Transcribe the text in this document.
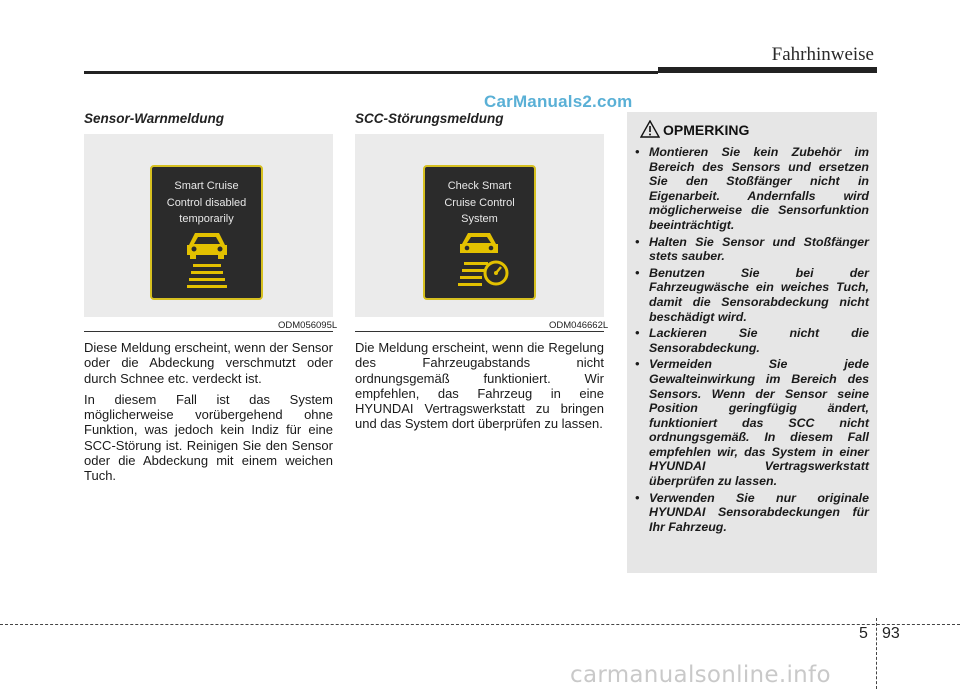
Fahrhinweise
CarManuals2.com
Sensor-Warnmeldung
Smart Cruise
Control disabled
temporarily
ODM056095L

Diese Meldung erscheint, wenn der Sensor oder die Abdeckung verschmutzt oder durch Schnee etc. verdeckt ist.

In diesem Fall ist das System möglicherweise vorübergehend ohne Funktion, was jedoch kein Indiz für eine SCC-Störung ist. Reinigen Sie den Sensor oder die Abdeckung mit einem weichen Tuch.

SCC-Störungsmeldung
Check Smart
Cruise Control
System
ODM046662L

Die Meldung erscheint, wenn die Regelung des Fahrzeugabstands nicht ordnungsgemäß funktioniert. Wir empfehlen, das Fahrzeug in eine HYUNDAI Vertragswerkstatt zu bringen und das System dort überprüfen zu lassen.

OPMERKING
• Montieren Sie kein Zubehör im Bereich des Sensors und ersetzen Sie den Stoßfänger nicht in Eigenarbeit. Andernfalls wird möglicherweise die Sensorfunktion beeinträchtigt.
• Halten Sie Sensor und Stoßfänger stets sauber.
• Benutzen Sie bei der Fahrzeugwäsche ein weiches Tuch, damit die Sensorabdeckung nicht beschädigt wird.
• Lackieren Sie nicht die Sensorabdeckung.
• Vermeiden Sie jede Gewalteinwirkung im Bereich des Sensors. Wenn der Sensor seine Position geringfügig ändert, funktioniert das SCC nicht ordnungsgemäß. In diesem Fall empfehlen wir, das System in einer HYUNDAI Vertragswerkstatt überprüfen zu lassen.
• Verwenden Sie nur originale HYUNDAI Sensorabdeckungen für Ihr Fahrzeug.
5 93
carmanualsonline.info
